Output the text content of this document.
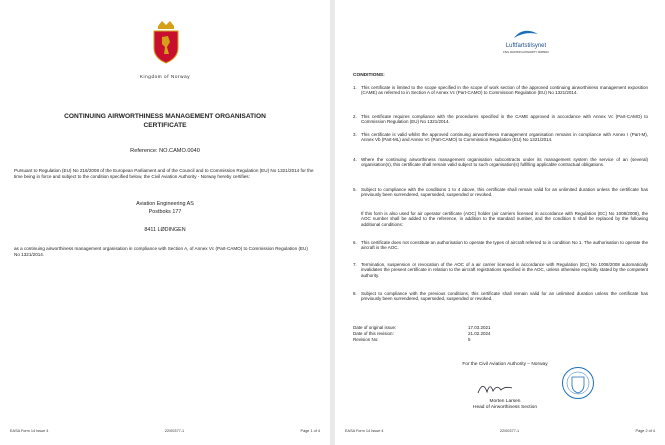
Kingdom of Norway
CONTINUING AIRWORTHINESS MANAGEMENT ORGANISATION
CERTIFICATE
Reference: NO.CAMO.0040
Pursuant to Regulation (EU) No 216/2008 of the European Parliament and of the Council and to Commission Regulation (EU) No 1321/2014 for the time being in force and subject to the condition specified below, the Civil Aviation Authority - Norway hereby certifies:
Aviation Engineering AS
Postboks 177
8411 LØDINGEN
as a continuing airworthiness management organisation in compliance with Section A, of Annex Vc (Part-CAMO) to Commission Regulation (EU) No 1321/2014.
EASA Form 14 Issue 4	22/00377-1	Page 1 of 4
Luftfartstilsynet
CIVIL AVIATION AUTHORITY NORWAY
CONDITIONS:
1. This certificate is limited to the scope specified in the scope of work section of the approved continuing airworthiness management exposition (CAME) as referred to in Section A of Annex Vc (Part-CAMO) to Commission Regulation (EU) No 1321/2014.
2. This certificate requires compliance with the procedures specified in the CAME approved in accordance with Annex Vc (Part-CAMO) to Commission Regulation (EU) No 1321/2014.
3. This certificate is valid whilst the approved continuing airworthiness management organisation remains in compliance with Annex I (Part-M), Annex Vb (Part-ML) and Annex Vc (Part-CAMO) to Commission Regulation (EU) No 1321/2014.
4. Where the continuing airworthiness management organisation subcontracts under its management system the service of an (several) organisation(s), this certificate shall remain valid subject to such organisation(s) fulfilling applicable contractual obligations.
5. Subject to compliance with the conditions 1 to 4 above, this certificate shall remain valid for an unlimited duration unless the certificate has previously been surrendered, superseded, suspended or revoked.
If this form is also used for air operator certificate (AOC) holder (air carriers licensed in accordance with Regulation (EC) No 1008/2008), the AOC number shall be added to the reference, in addition to the standard number, and the condition 5 shall be replaced by the following additional conditions:
6. This certificate does not constitute an authorisation to operate the types of aircraft referred to in condition No 1. The authorisation to operate the aircraft is the AOC.
7. Termination, suspension or revocation of the AOC of a air carrier licensed in accordance with Regulation (EC) No 1008/2008 automatically invalidates the present certificate in relation to the aircraft registrations specified in the AOC, unless otherwise explicitly stated by the competent authority.
8. Subject to compliance with the previous conditions, this certificate shall remain valid for an unlimited duration unless the certificate has previously been surrendered, superseded, suspended or revoked.
Date of original issue:	17.03.2021
Date of this revision:	21.02.2024
Revision No:	5
For the Civil Aviation Authority – Norway
Morten Larsen
Head of Airworthiness Section
EASA Form 14 Issue 4	22/00377-1	Page 2 of 4
